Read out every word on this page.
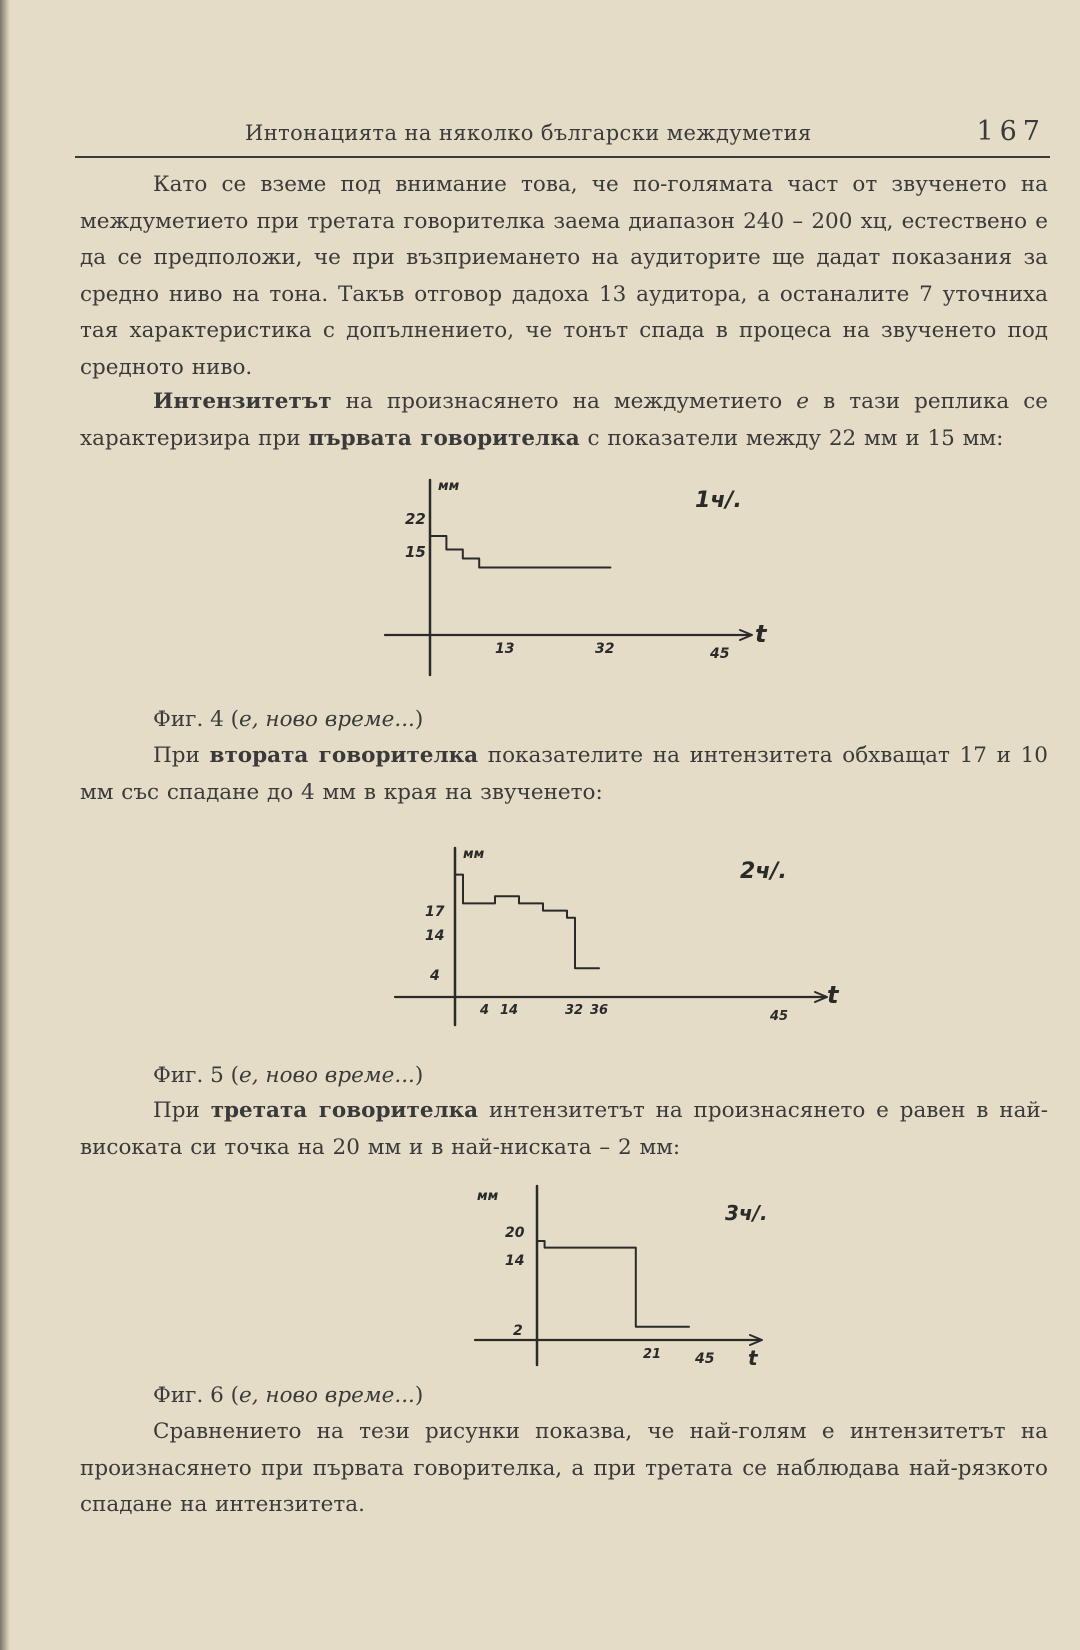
Интонацията на няколко български междуметия	167

Като се вземе под внимание това, че по-голямата част от звученето на междуметието при третата говорителка заема диапазон 240 – 200 хц, естествено е да се предположи, че при възприемането на аудиторите ще дадат показания за средно ниво на тона. Такъв отговор дадоха 13 аудитора, а останалите 7 уточниха тая характеристика с допълнението, че тонът спада в процеса на звученето под средното ниво.

Интензитетът на произнасянето на междуметието е в тази реплика се характеризира при първата говорителка с показатели между 22 мм и 15 мм:

мм
t
1ч/.
22
15
13	32	45

Фиг. 4 (е, ново време...)

При втората говорителка показателите на интензитета обхващат 17 и 10 мм със спадане до 4 мм в края на звученето:

мм
t
2ч/.
17
14
4
4 14	32 36	45

Фиг. 5 (е, ново време...)

При третата говорителка интензитетът на произнасянето е равен в най-високата си точка на 20 мм и в най-ниската – 2 мм:

мм
t
3ч/.
20
14
2
21 45

Фиг. 6 (е, ново време...)

Сравнението на тези рисунки показва, че най-голям е интензитетът на произнасянето при първата говорителка, а при третата се наблюдава най-рязкото спадане на интензитета.
